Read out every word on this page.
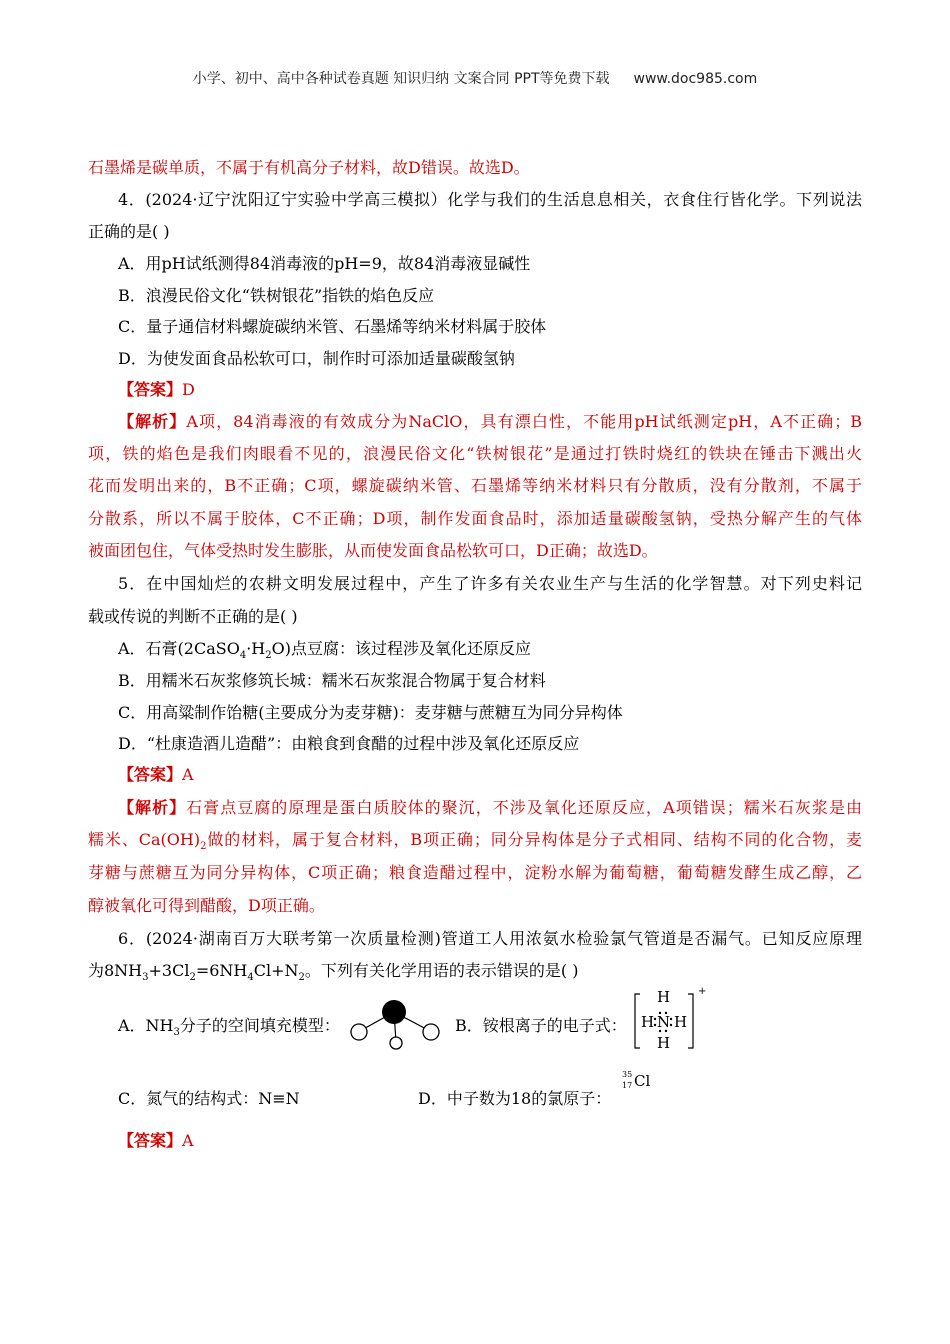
小学、初中、高中各种试卷真题 知识归纳 文案合同 PPT等免费下载 www.doc985.com
石墨烯是碳单质，不属于有机高分子材料，故D错误。故选D。
4．(2024·辽宁沈阳辽宁实验中学高三模拟）化学与我们的生活息息相关，衣食住行皆化学。下列说法
正确的是( )
A．用pH试纸测得84消毒液的pH=9，故84消毒液显碱性
B．浪漫民俗文化“铁树银花”指铁的焰色反应
C．量子通信材料螺旋碳纳米管、石墨烯等纳米材料属于胶体
D．为使发面食品松软可口，制作时可添加适量碳酸氢钠
【答案】D
【解析】A项，84消毒液的有效成分为NaClO，具有漂白性，不能用pH试纸测定pH，A不正确；B
项，铁的焰色是我们肉眼看不见的，浪漫民俗文化“铁树银花”是通过打铁时烧红的铁块在锤击下溅出火
花而发明出来的，B不正确；C项，螺旋碳纳米管、石墨烯等纳米材料只有分散质，没有分散剂，不属于
分散系，所以不属于胶体，C不正确；D项，制作发面食品时，添加适量碳酸氢钠，受热分解产生的气体
被面团包住，气体受热时发生膨胀，从而使发面食品松软可口，D正确；故选D。
5．在中国灿烂的农耕文明发展过程中，产生了许多有关农业生产与生活的化学智慧。对下列史料记
载或传说的判断不正确的是( )
A．石膏$(2CaSO_4\cdot H_2O)$点豆腐：该过程涉及氧化还原反应
B．用糯米石灰浆修筑长城：糯米石灰浆混合物属于复合材料
C．用高粱制作饴糖(主要成分为麦芽糖)：麦芽糖与蔗糖互为同分异构体
D．“杜康造酒儿造醋”：由粮食到食醋的过程中涉及氧化还原反应
【答案】A
【解析】石膏点豆腐的原理是蛋白质胶体的聚沉，不涉及氧化还原反应，A项错误；糯米石灰浆是由
糯米、$Ca(OH)_2$做的材料，属于复合材料，B项正确；同分异构体是分子式相同、结构不同的化合物，麦
芽糖与蔗糖互为同分异构体，C项正确；粮食造醋过程中，淀粉水解为葡萄糖，葡萄糖发酵生成乙醇，乙
醇被氧化可得到醋酸，D项正确。
6．(2024·湖南百万大联考第一次质量检测)管道工人用浓氨水检验氯气管道是否漏气。已知反应原理
为$8NH_3+3Cl_2=6NH_4Cl+N_2$。下列有关化学用语的表示错误的是( )
A．$NH_3$分子的空间填充模型：	B．铵根离子的电子式：
H
H N H
H
+
C．氮气的结构式：N≡N	D．中子数为18的氯原子：
35
17 Cl
【答案】A
